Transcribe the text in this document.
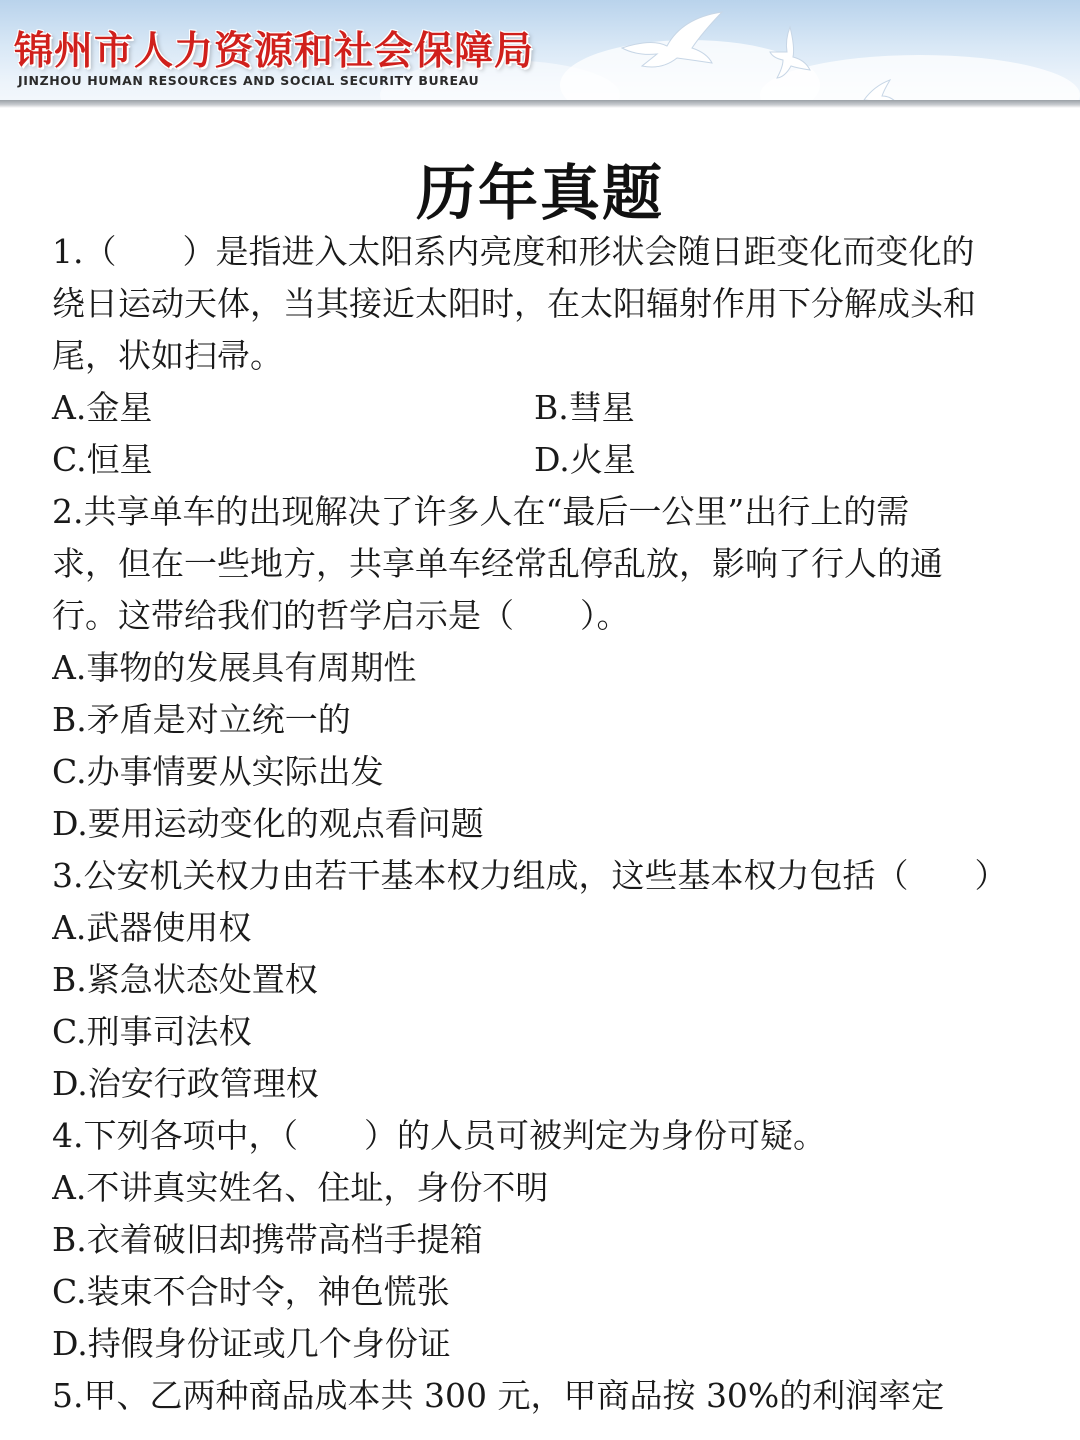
锦州市人力资源和社会保障局
JINZHOU HUMAN RESOURCES AND SOCIAL SECURITY BUREAU
历年真题
1.（　　）是指进入太阳系内亮度和形状会随日距变化而变化的
绕日运动天体，当其接近太阳时，在太阳辐射作用下分解成头和
尾，状如扫帚。
A.金星	B.彗星
C.恒星	D.火星
2.共享单车的出现解决了许多人在“最后一公里”出行上的需
求，但在一些地方，共享单车经常乱停乱放，影响了行人的通
行。这带给我们的哲学启示是（　　）。
A.事物的发展具有周期性
B.矛盾是对立统一的
C.办事情要从实际出发
D.要用运动变化的观点看问题
3.公安机关权力由若干基本权力组成，这些基本权力包括（　　）
A.武器使用权
B.紧急状态处置权
C.刑事司法权
D.治安行政管理权
4.下列各项中，（　　）的人员可被判定为身份可疑。
A.不讲真实姓名、住址，身份不明
B.衣着破旧却携带高档手提箱
C.装束不合时令，神色慌张
D.持假身份证或几个身份证
5.甲、乙两种商品成本共 300 元，甲商品按 30%的利润率定
